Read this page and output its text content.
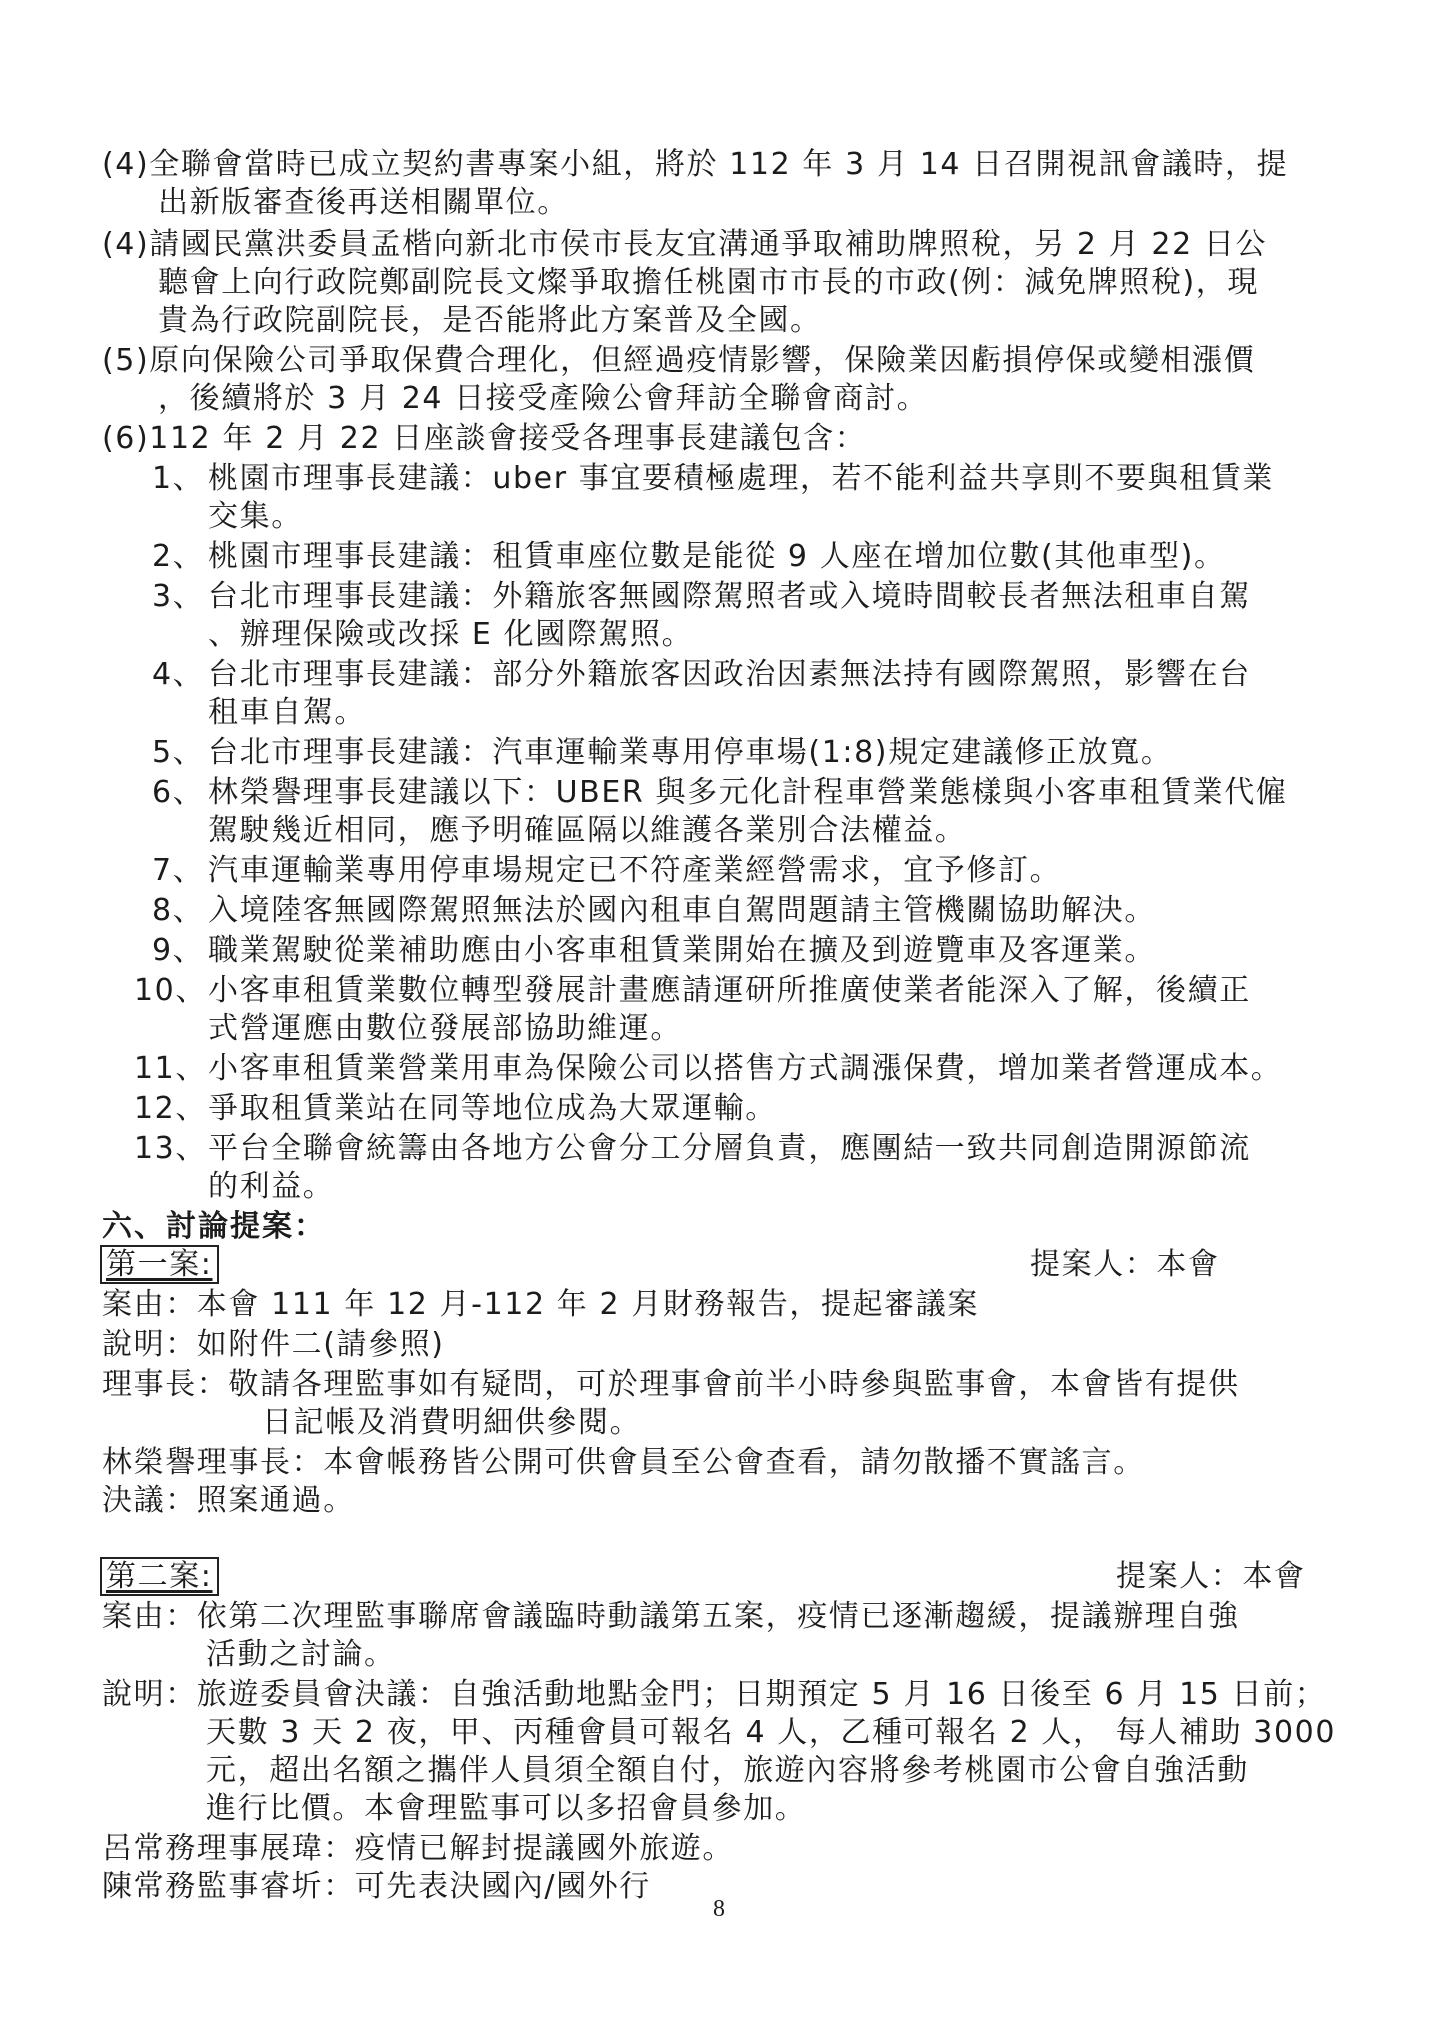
(4)全聯會當時已成立契約書專案小組，將於 112 年 3 月 14 日召開視訊會議時，提
出新版審查後再送相關單位。
(4)請國民黨洪委員孟楷向新北市侯市長友宜溝通爭取補助牌照稅，另 2 月 22 日公
聽會上向行政院鄭副院長文燦爭取擔任桃園市市長的市政(例：減免牌照稅)，現
貴為行政院副院長，是否能將此方案普及全國。
(5)原向保險公司爭取保費合理化，但經過疫情影響，保險業因虧損停保或變相漲價
，後續將於 3 月 24 日接受產險公會拜訪全聯會商討。
(6)112 年 2 月 22 日座談會接受各理事長建議包含：
1、 桃園市理事長建議：uber 事宜要積極處理，若不能利益共享則不要與租賃業
交集。
2、 桃園市理事長建議：租賃車座位數是能從 9 人座在增加位數(其他車型)。
3、 台北市理事長建議：外籍旅客無國際駕照者或入境時間較長者無法租車自駕
、辦理保險或改採 E 化國際駕照。
4、 台北市理事長建議：部分外籍旅客因政治因素無法持有國際駕照，影響在台
租車自駕。
5、 台北市理事長建議：汽車運輸業專用停車場(1:8)規定建議修正放寬。
6、 林榮譽理事長建議以下：UBER 與多元化計程車營業態樣與小客車租賃業代僱
駕駛幾近相同，應予明確區隔以維護各業別合法權益。
7、 汽車運輸業專用停車場規定已不符產業經營需求，宜予修訂。
8、 入境陸客無國際駕照無法於國內租車自駕問題請主管機關協助解決。
9、 職業駕駛從業補助應由小客車租賃業開始在擴及到遊覽車及客運業。
10、 小客車租賃業數位轉型發展計畫應請運研所推廣使業者能深入了解，後續正
式營運應由數位發展部協助維運。
11、 小客車租賃業營業用車為保險公司以搭售方式調漲保費，增加業者營運成本。
12、 爭取租賃業站在同等地位成為大眾運輸。
13、 平台全聯會統籌由各地方公會分工分層負責，應團結一致共同創造開源節流
的利益。
六、討論提案：
第一案:	提案人：本會
案由：本會 111 年 12 月-112 年 2 月財務報告，提起審議案
說明：如附件二(請參照)
理事長：敬請各理監事如有疑問，可於理事會前半小時參與監事會，本會皆有提供
日記帳及消費明細供參閱。
林榮譽理事長：本會帳務皆公開可供會員至公會查看，請勿散播不實謠言。
決議：照案通過。
第二案:	提案人：本會
案由：依第二次理監事聯席會議臨時動議第五案，疫情已逐漸趨緩，提議辦理自強
活動之討論。
說明：旅遊委員會決議：自強活動地點金門；日期預定 5 月 16 日後至 6 月 15 日前；
天數 3 天 2 夜，甲、丙種會員可報名 4 人，乙種可報名 2 人， 每人補助 3000
元，超出名額之攜伴人員須全額自付，旅遊內容將參考桃園市公會自強活動
進行比價。本會理監事可以多招會員參加。
呂常務理事展瑋：疫情已解封提議國外旅遊。
陳常務監事睿圻：可先表決國內/國外行
8
